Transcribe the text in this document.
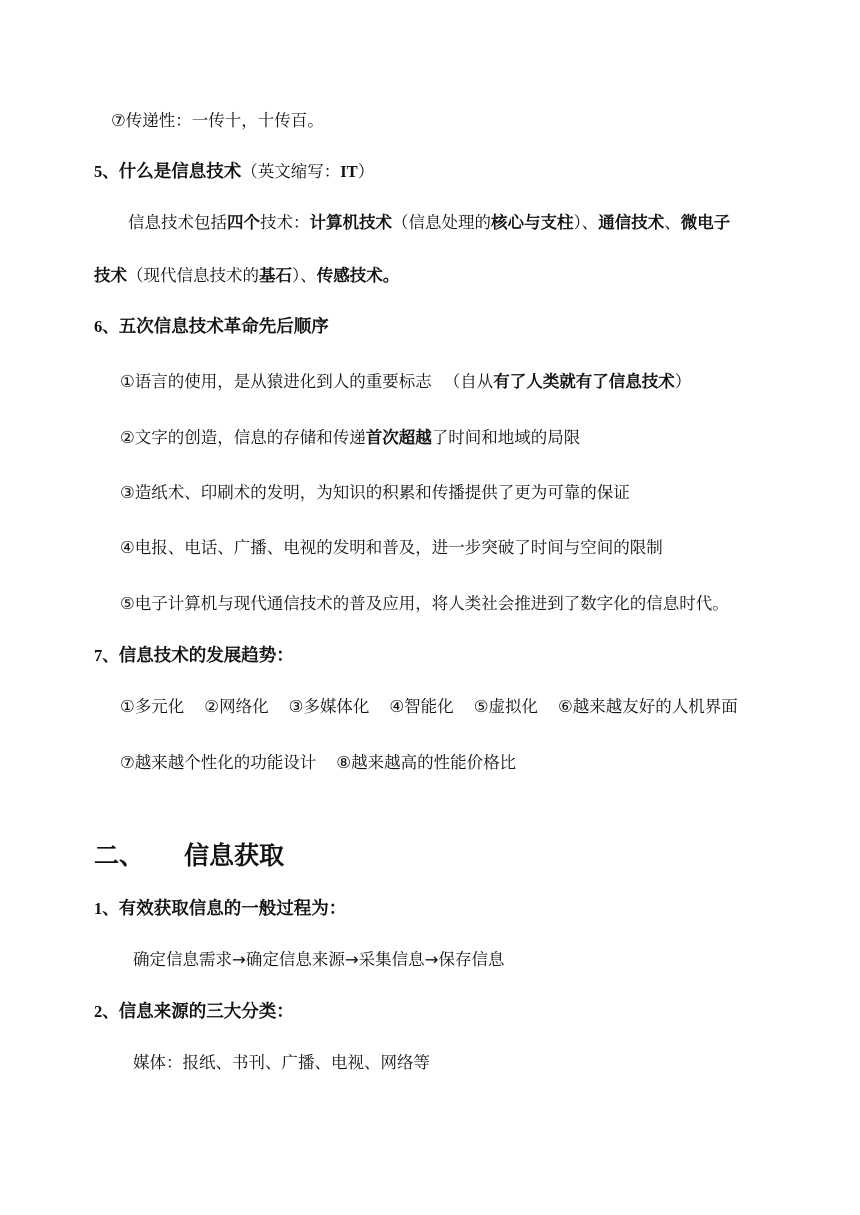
⑦传递性：一传十，十传百。
5、什么是信息技术（英文缩写：IT）
信息技术包括四个技术：计算机技术（信息处理的核心与支柱）、通信技术、微电子
技术（现代信息技术的基石）、传感技术。
6、五次信息技术革命先后顺序
①语言的使用，是从猿进化到人的重要标志 （自从有了人类就有了信息技术）
②文字的创造，信息的存储和传递首次超越了时间和地域的局限
③造纸术、印刷术的发明，为知识的积累和传播提供了更为可靠的保证
④电报、电话、广播、电视的发明和普及，进一步突破了时间与空间的限制
⑤电子计算机与现代通信技术的普及应用，将人类社会推进到了数字化的信息时代。
7、信息技术的发展趋势：
①多元化 ②网络化 ③多媒体化 ④智能化 ⑤虚拟化 ⑥越来越友好的人机界面
⑦越来越个性化的功能设计 ⑧越来越高的性能价格比
二、 信息获取
1、有效获取信息的一般过程为：
确定信息需求→确定信息来源→采集信息→保存信息
2、信息来源的三大分类：
媒体：报纸、书刊、广播、电视、网络等
